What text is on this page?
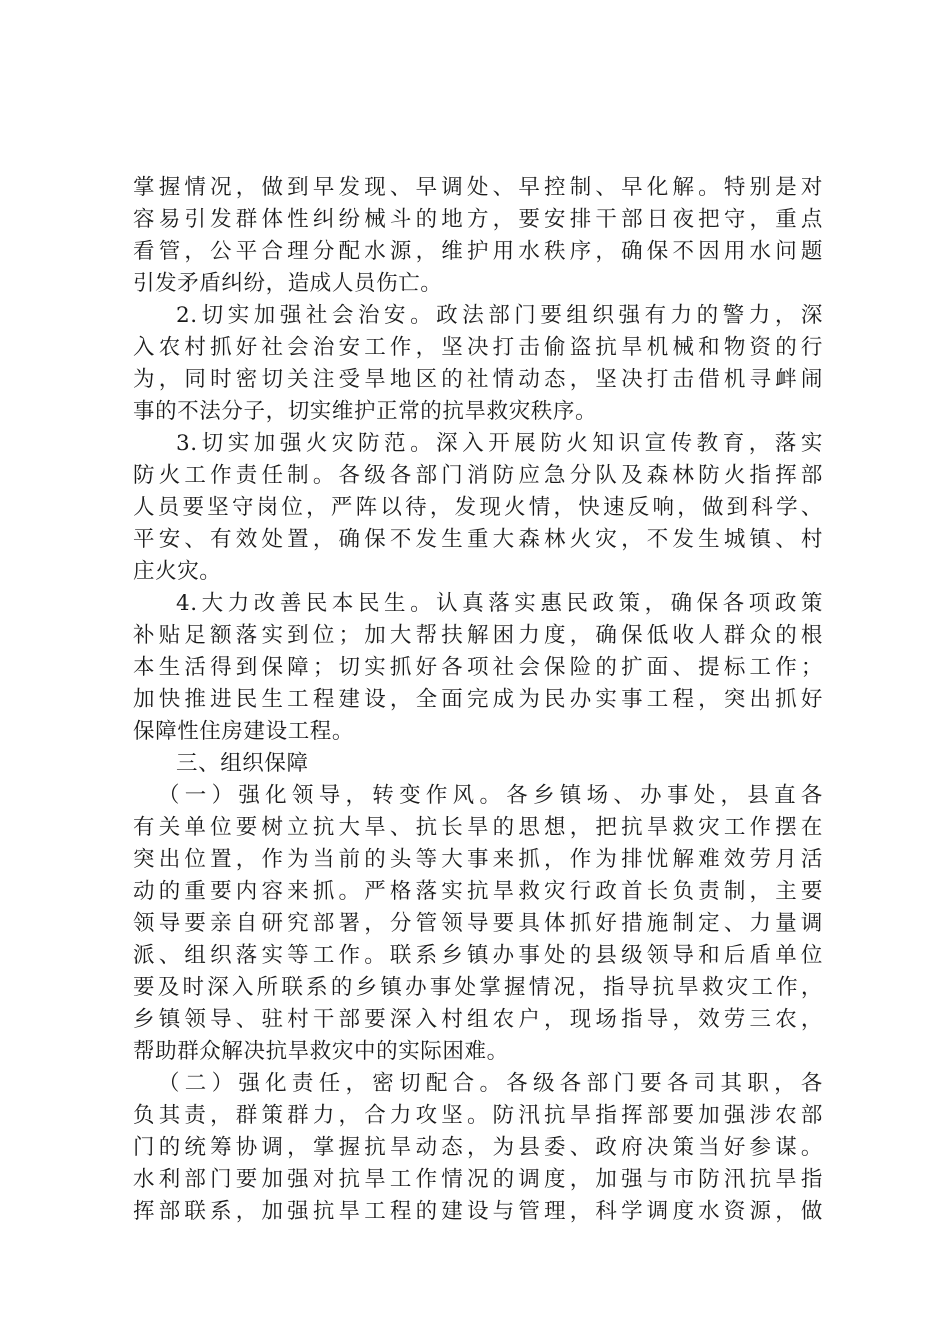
掌握情况，做到早发现、早调处、早控制、早化解。特别是对
容易引发群体性纠纷械斗的地方，要安排干部日夜把守，重点
看管，公平合理分配水源，维护用水秩序，确保不因用水问题
引发矛盾纠纷，造成人员伤亡。
2.切实加强社会治安。政法部门要组织强有力的警力，深
入农村抓好社会治安工作，坚决打击偷盗抗旱机械和物资的行
为，同时密切关注受旱地区的社情动态，坚决打击借机寻衅闹
事的不法分子，切实维护正常的抗旱救灾秩序。
3.切实加强火灾防范。深入开展防火知识宣传教育，落实
防火工作责任制。各级各部门消防应急分队及森林防火指挥部
人员要坚守岗位，严阵以待，发现火情，快速反响，做到科学、
平安、有效处置，确保不发生重大森林火灾，不发生城镇、村
庄火灾。
4.大力改善民本民生。认真落实惠民政策，确保各项政策
补贴足额落实到位；加大帮扶解困力度，确保低收人群众的根
本生活得到保障；切实抓好各项社会保险的扩面、提标工作；
加快推进民生工程建设，全面完成为民办实事工程，突出抓好
保障性住房建设工程。
三、组织保障
（一）强化领导，转变作风。各乡镇场、办事处，县直各
有关单位要树立抗大旱、抗长旱的思想，把抗旱救灾工作摆在
突出位置，作为当前的头等大事来抓，作为排忧解难效劳月活
动的重要内容来抓。严格落实抗旱救灾行政首长负责制，主要
领导要亲自研究部署，分管领导要具体抓好措施制定、力量调
派、组织落实等工作。联系乡镇办事处的县级领导和后盾单位
要及时深入所联系的乡镇办事处掌握情况，指导抗旱救灾工作，
乡镇领导、驻村干部要深入村组农户，现场指导，效劳三农，
帮助群众解决抗旱救灾中的实际困难。
（二）强化责任，密切配合。各级各部门要各司其职，各
负其责，群策群力，合力攻坚。防汛抗旱指挥部要加强涉农部
门的统筹协调，掌握抗旱动态，为县委、政府决策当好参谋。
水利部门要加强对抗旱工作情况的调度，加强与市防汛抗旱指
挥部联系，加强抗旱工程的建设与管理，科学调度水资源，做
